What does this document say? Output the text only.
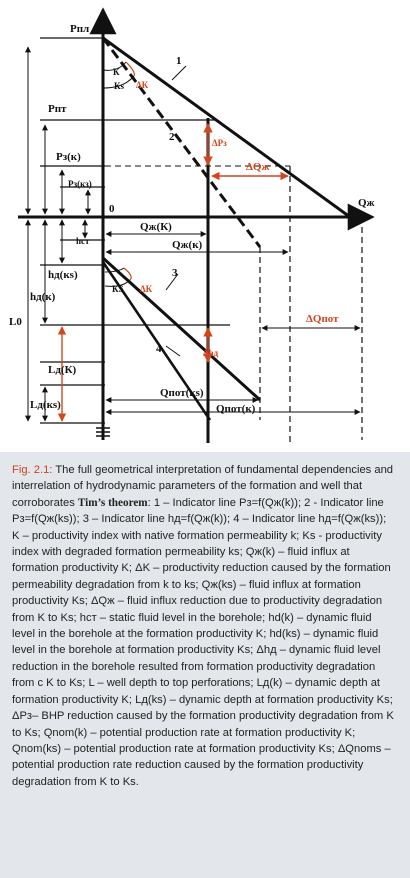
Pпл
Qж
0
Pпт
Pз(к)
Pз(кз)
hст
hд(кs)
hд(к)
L0
Lд(К)
Lд(кs)
1
2
К
Кs ΔК
ΔPз
ΔQж
Qж(К)
Qж(к)
3
4
КS ΔК
Δhд
ΔQпот
Qпот(кs)
Qпот(к)
Fig. 2.1: The full geometrical interpretation of fundamental dependencies and interrelation of hydrodynamic parameters of the formation and well that corroborates Tim’s theorem: 1 – Indicator line Pз=f(Qж(k)); 2 - Indicator line Pз=f(Qж(ks)); 3 – Indicator line hд=f(Qж(k)); 4 – Indicator line hд=f(Qж(ks)); K – productivity index with native formation permeability k; Ks - productivity index with degraded formation permeability ks; Qж(k) – fluid influx at formation productivity K; ΔK – productivity reduction caused by the formation permeability degradation from k to ks; Qж(ks) – fluid influx at formation productivity Ks; ΔQж – fluid influx reduction due to productivity degradation from K to Ks; hст – static fluid level in the borehole; hd(k) – dynamic fluid level in the borehole at the formation productivity K; hd(ks) – dynamic fluid level in the borehole at formation productivity Ks; Δhд – dynamic fluid level reduction in the borehole resulted from formation productivity degradation from с K to Ks; L – well depth to top perforations; Lд(k) – dynamic depth at formation productivity K; Lд(ks) – dynamic depth at formation productivity Ks; ΔPз– BHP reduction caused by the formation productivity degradation from K to Ks; Qnom(k) – potential production rate at formation productivity K; Qnom(ks) – potential production rate at formation productivity Ks; ΔQnoms – potential production rate reduction caused by the formation productivity degradation from K to Ks.
